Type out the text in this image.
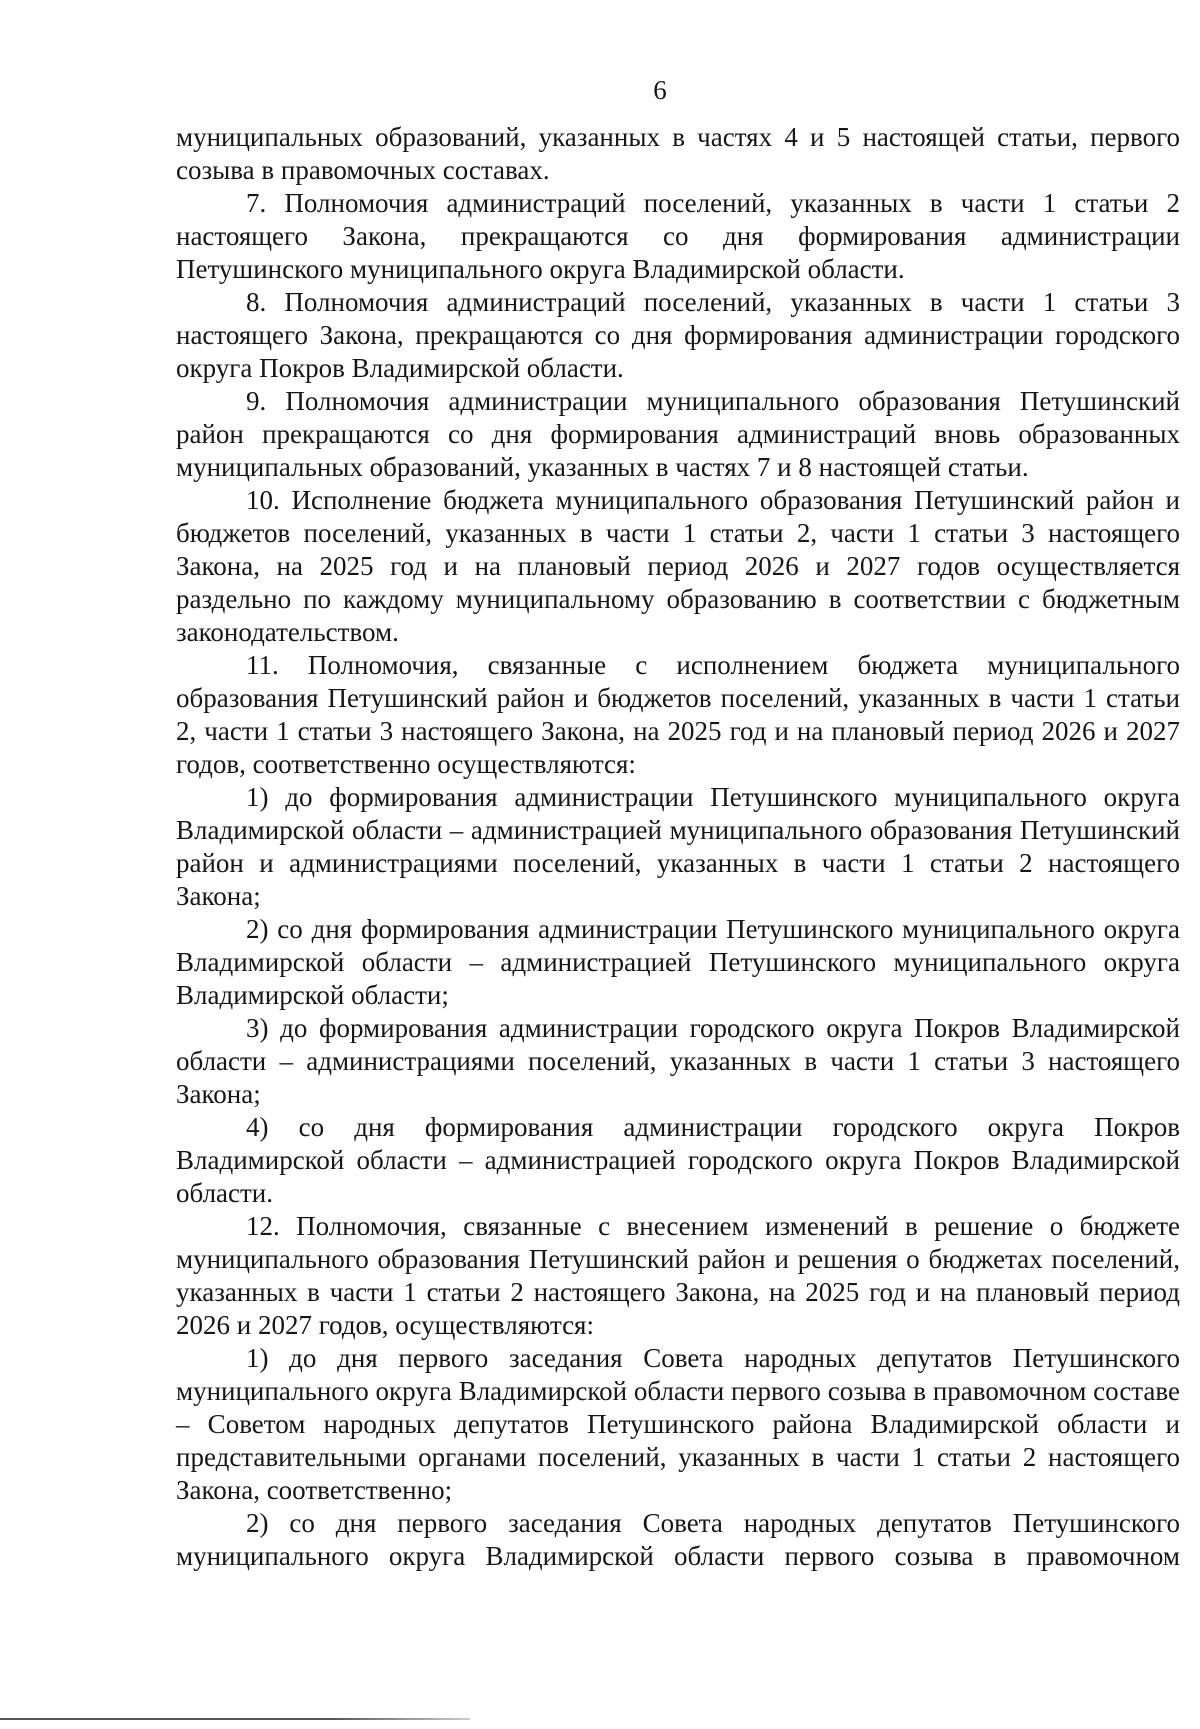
6

муниципальных образований, указанных в частях 4 и 5 настоящей статьи, первого созыва в правомочных составах.

7. Полномочия администраций поселений, указанных в части 1 статьи 2 настоящего Закона, прекращаются со дня формирования администрации Петушинского муниципального округа Владимирской области.

8. Полномочия администраций поселений, указанных в части 1 статьи 3 настоящего Закона, прекращаются со дня формирования администрации городского округа Покров Владимирской области.

9. Полномочия администрации муниципального образования Петушинский район прекращаются со дня формирования администраций вновь образованных муниципальных образований, указанных в частях 7 и 8 настоящей статьи.

10. Исполнение бюджета муниципального образования Петушинский район и бюджетов поселений, указанных в части 1 статьи 2, части 1 статьи 3 настоящего Закона, на 2025 год и на плановый период 2026 и 2027 годов осуществляется раздельно по каждому муниципальному образованию в соответствии с бюджетным законодательством.

11. Полномочия, связанные с исполнением бюджета муниципального образования Петушинский район и бюджетов поселений, указанных в части 1 статьи 2, части 1 статьи 3 настоящего Закона, на 2025 год и на плановый период 2026 и 2027 годов, соответственно осуществляются:

1) до формирования администрации Петушинского муниципального округа Владимирской области – администрацией муниципального образования Петушинский район и администрациями поселений, указанных в части 1 статьи 2 настоящего Закона;

2) со дня формирования администрации Петушинского муниципального округа Владимирской области – администрацией Петушинского муниципального округа Владимирской области;

3) до формирования администрации городского округа Покров Владимирской области – администрациями поселений, указанных в части 1 статьи 3 настоящего Закона;

4) со дня формирования администрации городского округа Покров Владимирской области – администрацией городского округа Покров Владимирской области.

12. Полномочия, связанные с внесением изменений в решение о бюджете муниципального образования Петушинский район и решения о бюджетах поселений, указанных в части 1 статьи 2 настоящего Закона, на 2025 год и на плановый период 2026 и 2027 годов, осуществляются:

1) до дня первого заседания Совета народных депутатов Петушинского муниципального округа Владимирской области первого созыва в правомочном составе – Советом народных депутатов Петушинского района Владимирской области и представительными органами поселений, указанных в части 1 статьи 2 настоящего Закона, соответственно;

2) со дня первого заседания Совета народных депутатов Петушинского муниципального округа Владимирской области первого созыва в правомочном
